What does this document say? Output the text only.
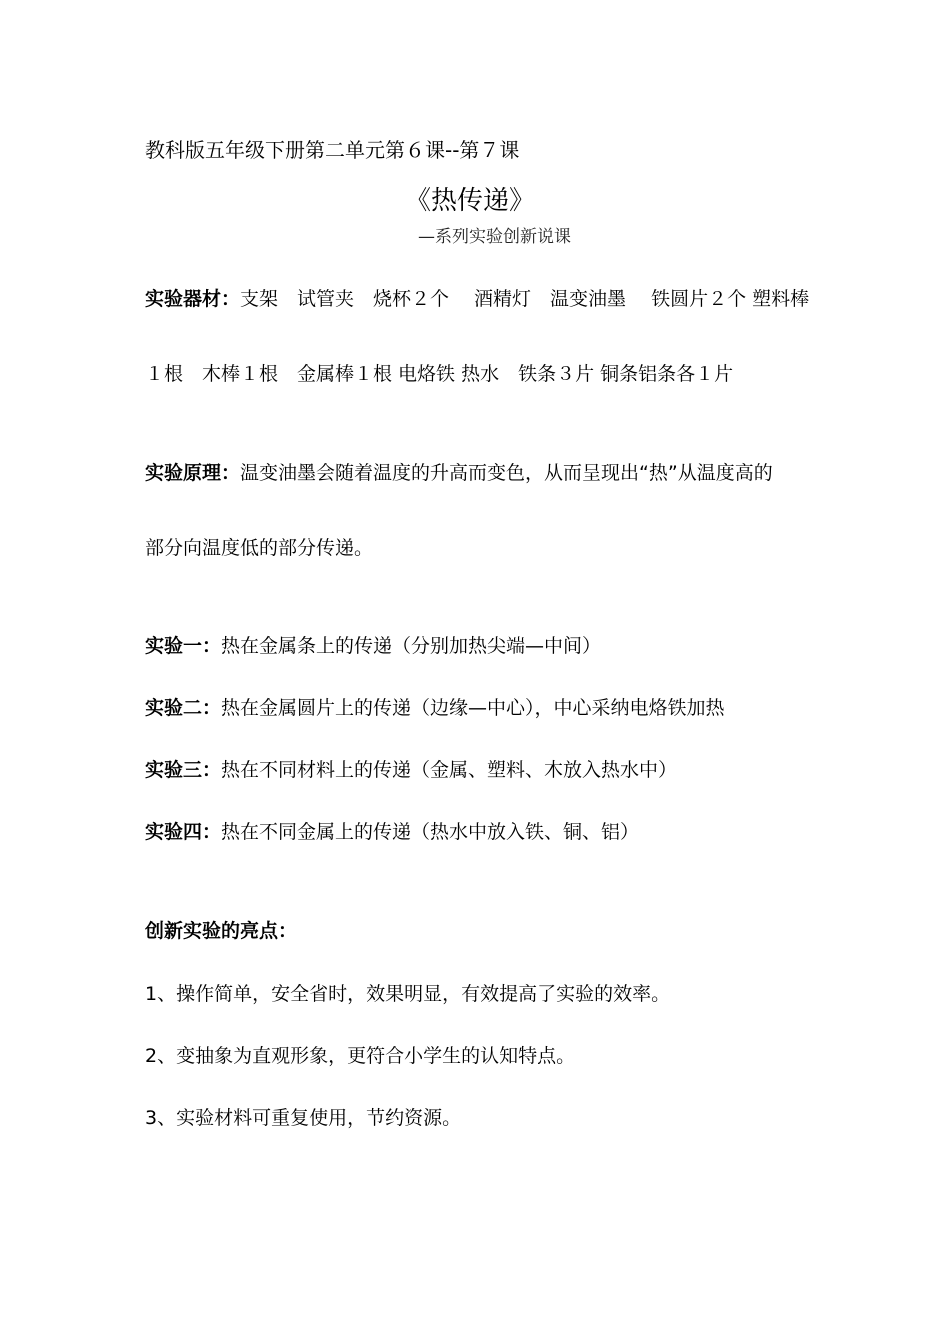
教科版五年级下册第二单元第６课--第７课
《热传递》
—系列实验创新说课
实验器材：支架　试管夹　烧杯２个　 酒精灯　温变油墨　 铁圆片２个 塑料棒
１根　木棒１根　金属棒１根 电烙铁 热水　铁条３片 铜条铝条各１片
实验原理：温变油墨会随着温度的升高而变色，从而呈现出“热”从温度高的
部分向温度低的部分传递。
实验一：热在金属条上的传递（分别加热尖端—中间）
实验二：热在金属圆片上的传递（边缘—中心），中心采纳电烙铁加热
实验三：热在不同材料上的传递（金属、塑料、木放入热水中）
实验四：热在不同金属上的传递（热水中放入铁、铜、铝）
创新实验的亮点：
1、操作简单，安全省时，效果明显，有效提高了实验的效率。
2、变抽象为直观形象，更符合小学生的认知特点。
3、实验材料可重复使用，节约资源。
